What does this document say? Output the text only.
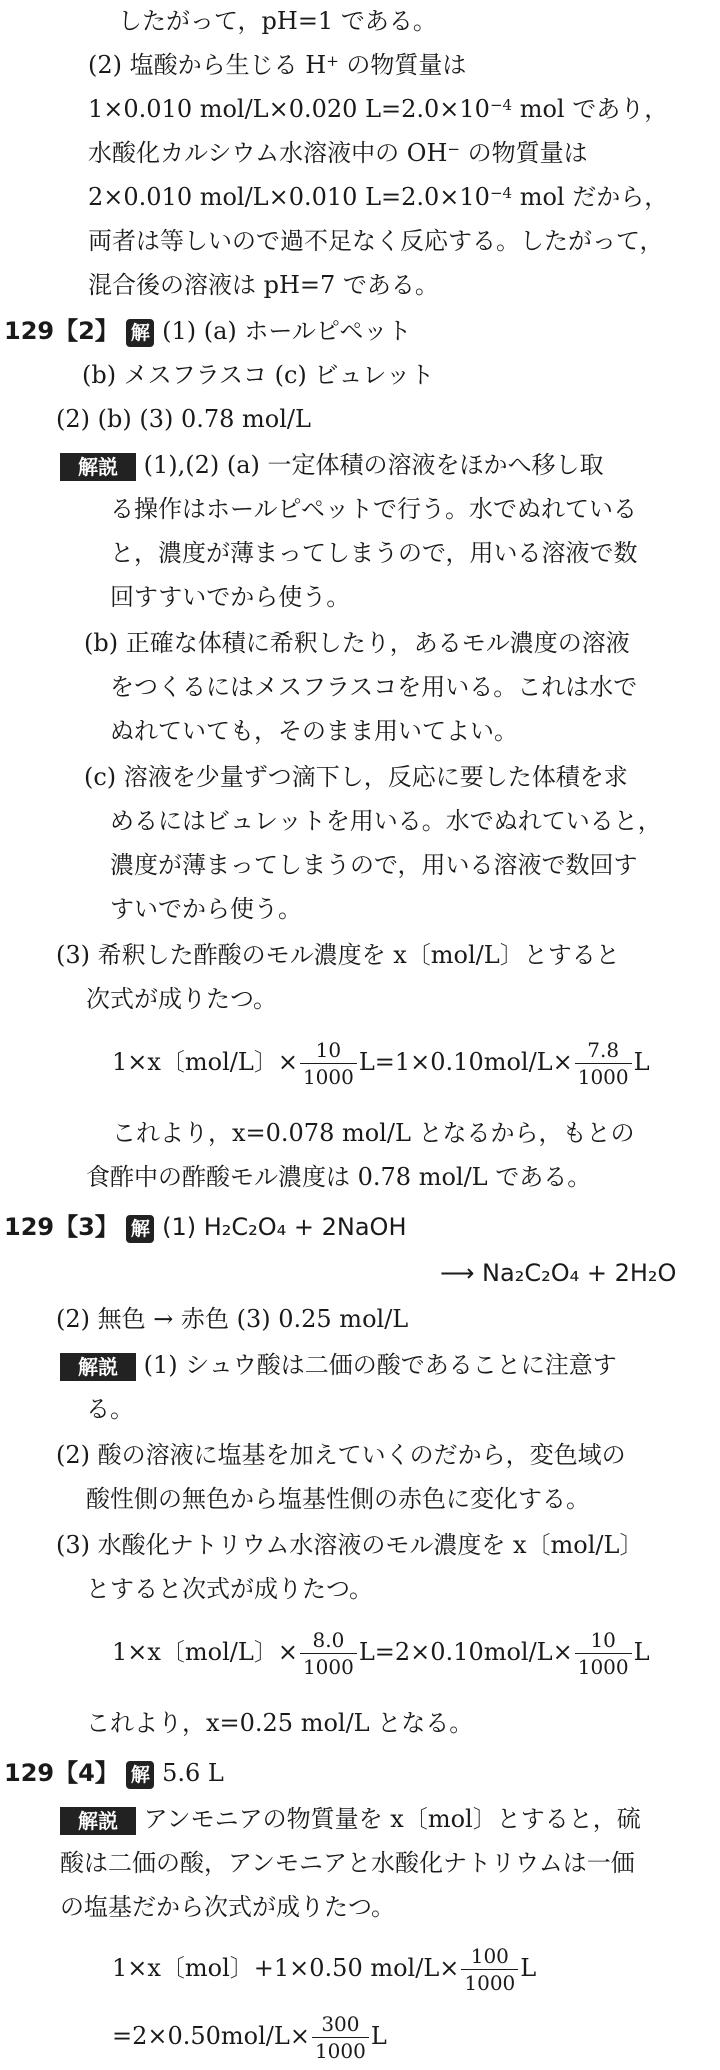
したがって，pH=1 である。
(2) 塩酸から生じる H+ の物質量は
1×0.010 mol/L×0.020 $L=2.0\times 10^{-4}$ mol であり，
水酸化カルシウム水溶液中の OH− の物質量は
2×0.010 mol/L×0.010 $L=2.0\times 10^{-4}$ mol だから，
両者は等しいので過不足なく反応する。したがって，
混合後の溶液は pH=7 である。
129【2】 解 (1) (a) ホールピペット
(b) メスフラスコ (c) ビュレット
(2) (b) (3) 0.78 mol/L
解説 (1),(2) (a) 一定体積の溶液をほかへ移し取
る操作はホールピペットで行う。水でぬれている
と，濃度が薄まってしまうので，用いる溶液で数
回すすいでから使う。
(b) 正確な体積に希釈したり，あるモル濃度の溶液
をつくるにはメスフラスコを用いる。これは水で
ぬれていても，そのまま用いてよい。
(c) 溶液を少量ずつ滴下し，反応に要した体積を求
めるにはビュレットを用いる。水でぬれていると，
濃度が薄まってしまうので，用いる溶液で数回す
すいでから使う。
(3) 希釈した酢酸のモル濃度を x〔mol/L〕とすると
次式が成りたつ。
1×x〔mol/L〕× $\frac{10}{1000} L=1\times 0.10mol/L\times \frac{7.8}{1000}$ L
これより，x=0.078 mol/L となるから，もとの
食酢中の酢酸モル濃度は 0.78 mol/L である。
129【3】 解 (1) H₂C₂O₄ + 2NaOH
⟶ Na₂C₂O₄ + 2H₂O
(2) 無色 → 赤色 (3) 0.25 mol/L
解説 (1) シュウ酸は二価の酸であることに注意す
る。
(2) 酸の溶液に塩基を加えていくのだから，変色域の
酸性側の無色から塩基性側の赤色に変化する。
(3) 水酸化ナトリウム水溶液のモル濃度を x〔mol/L〕
とすると次式が成りたつ。
1×x〔mol/L〕× $\frac{8.0}{1000} L=2\times 0.10mol/L\times \frac{10}{1000}$ L
これより，x=0.25 mol/L となる。
129【4】 解 5.6 L
解説 アンモニアの物質量を x〔mol〕とすると，硫
酸は二価の酸，アンモニアと水酸化ナトリウムは一価
の塩基だから次式が成りたつ。
1×x〔mol〕+1×0.50 $mol/L\times \frac{100}{1000}$ L
$=2\times 0.50mol/L\times \frac{300}{1000}$ L
